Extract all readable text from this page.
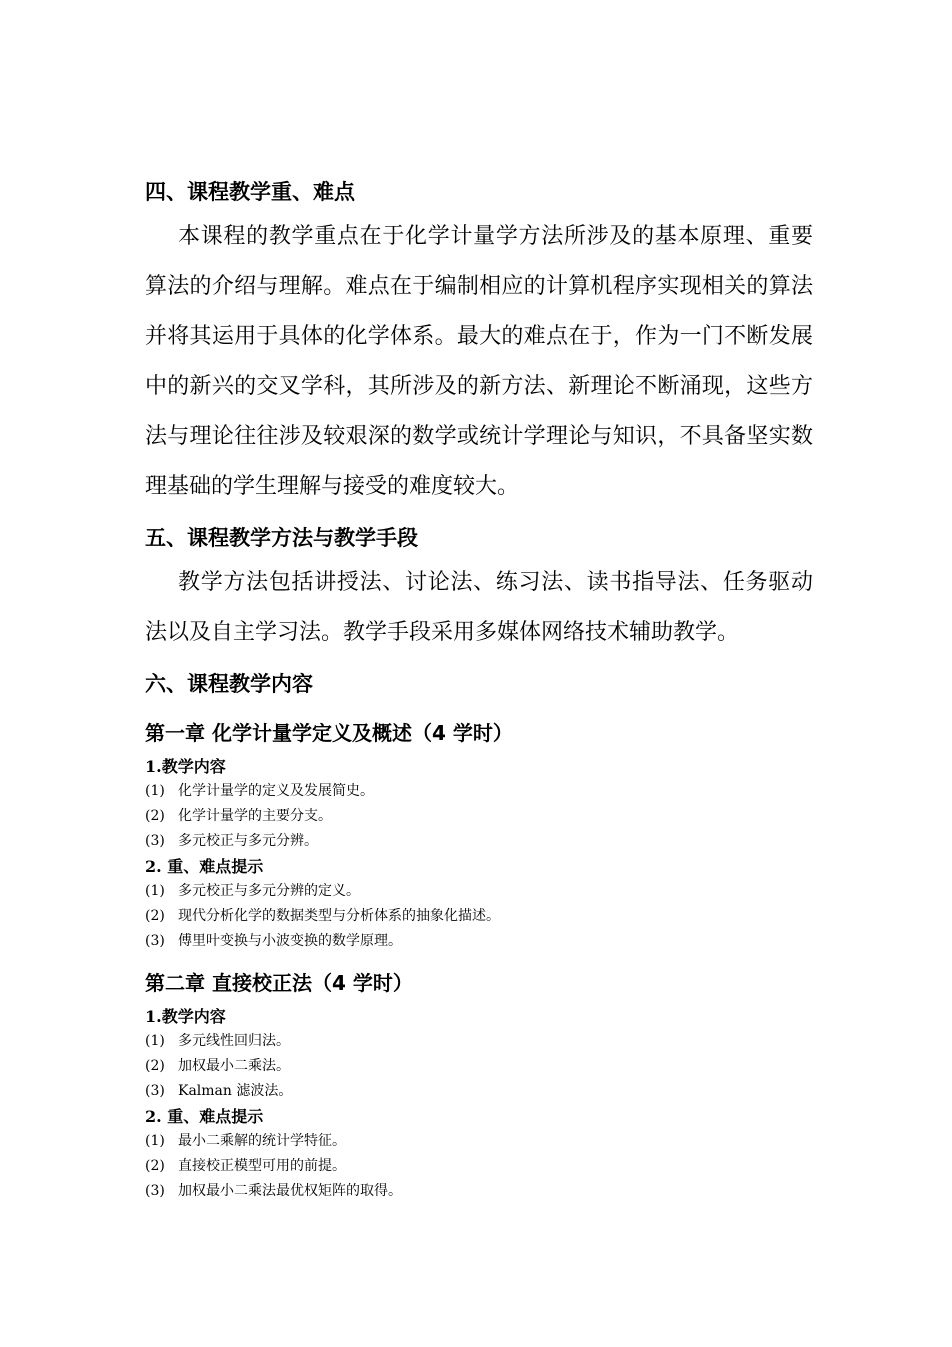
四、课程教学重、难点

本课程的教学重点在于化学计量学方法所涉及的基本原理、重要算法的介绍与理解。难点在于编制相应的计算机程序实现相关的算法并将其运用于具体的化学体系。最大的难点在于，作为一门不断发展中的新兴的交叉学科，其所涉及的新方法、新理论不断涌现，这些方法与理论往往涉及较艰深的数学或统计学理论与知识，不具备坚实数理基础的学生理解与接受的难度较大。

五、课程教学方法与教学手段

教学方法包括讲授法、讨论法、练习法、读书指导法、任务驱动法以及自主学习法。教学手段采用多媒体网络技术辅助教学。

六、课程教学内容
第一章 化学计量学定义及概述（4 学时）
1.教学内容
(1) 化学计量学的定义及发展简史。
(2) 化学计量学的主要分支。
(3) 多元校正与多元分辨。
2. 重、难点提示
(1) 多元校正与多元分辨的定义。
(2) 现代分析化学的数据类型与分析体系的抽象化描述。
(3) 傅里叶变换与小波变换的数学原理。
第二章 直接校正法（4 学时）
1.教学内容
(1) 多元线性回归法。
(2) 加权最小二乘法。
(3) Kalman 滤波法。
2. 重、难点提示
(1) 最小二乘解的统计学特征。
(2) 直接校正模型可用的前提。
(3) 加权最小二乘法最优权矩阵的取得。
